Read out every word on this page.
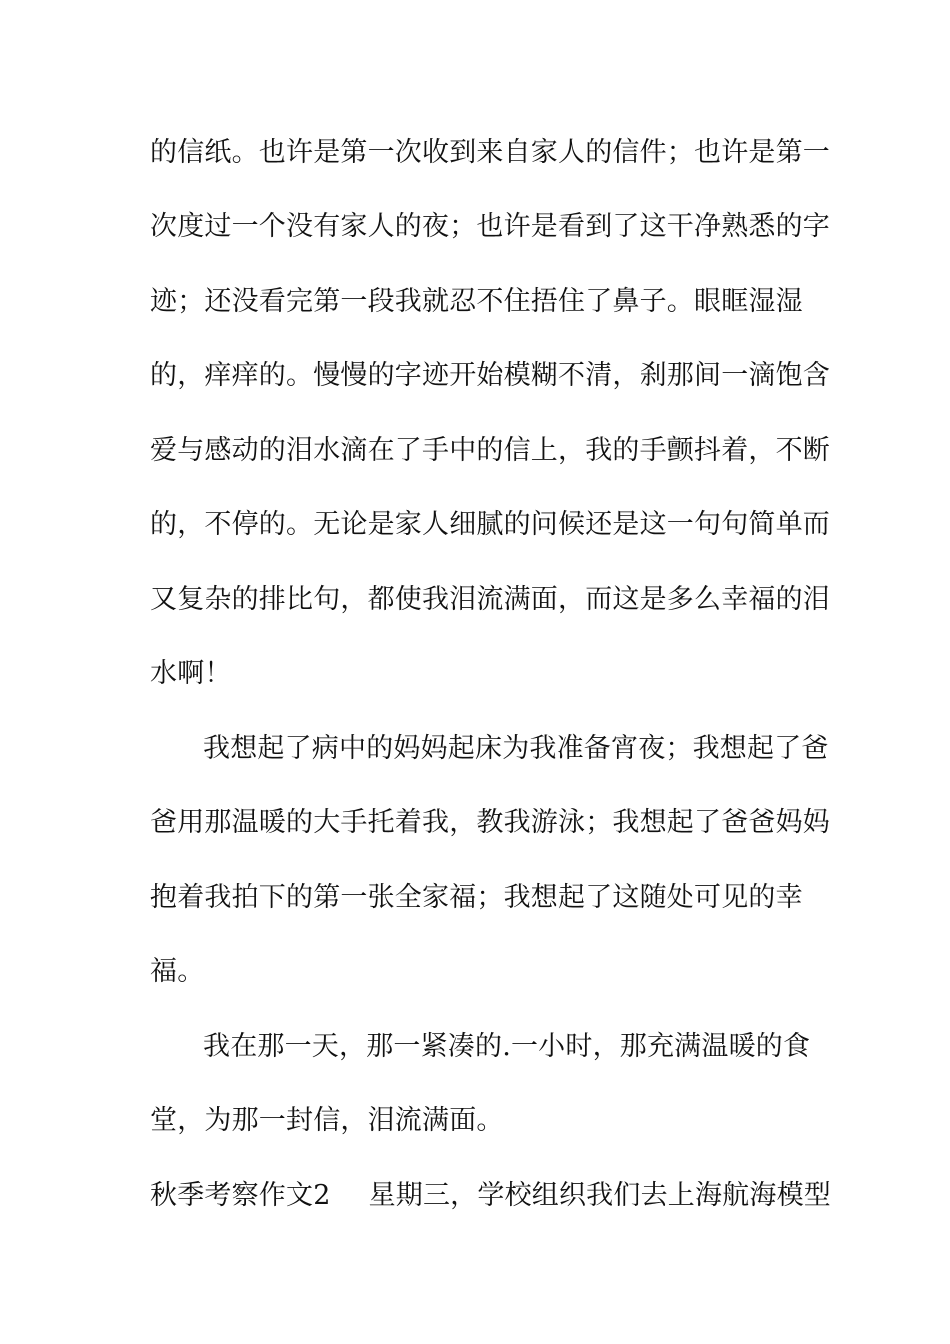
的信纸。也许是第一次收到来自家人的信件；也许是第一
次度过一个没有家人的夜；也许是看到了这干净熟悉的字
迹；还没看完第一段我就忍不住捂住了鼻子。眼眶湿湿
的，痒痒的。慢慢的字迹开始模糊不清，刹那间一滴饱含
爱与感动的泪水滴在了手中的信上，我的手颤抖着，不断
的，不停的。无论是家人细腻的问候还是这一句句简单而
又复杂的排比句，都使我泪流满面，而这是多么幸福的泪
水啊！
我想起了病中的妈妈起床为我准备宵夜；我想起了爸
爸用那温暖的大手托着我，教我游泳；我想起了爸爸妈妈
抱着我拍下的第一张全家福；我想起了这随处可见的幸
福。
我在那一天，那一紧凑的.一小时，那充满温暖的食
堂，为那一封信，泪流满面。
秋季考察作文2 星期三，学校组织我们去上海航海模型
